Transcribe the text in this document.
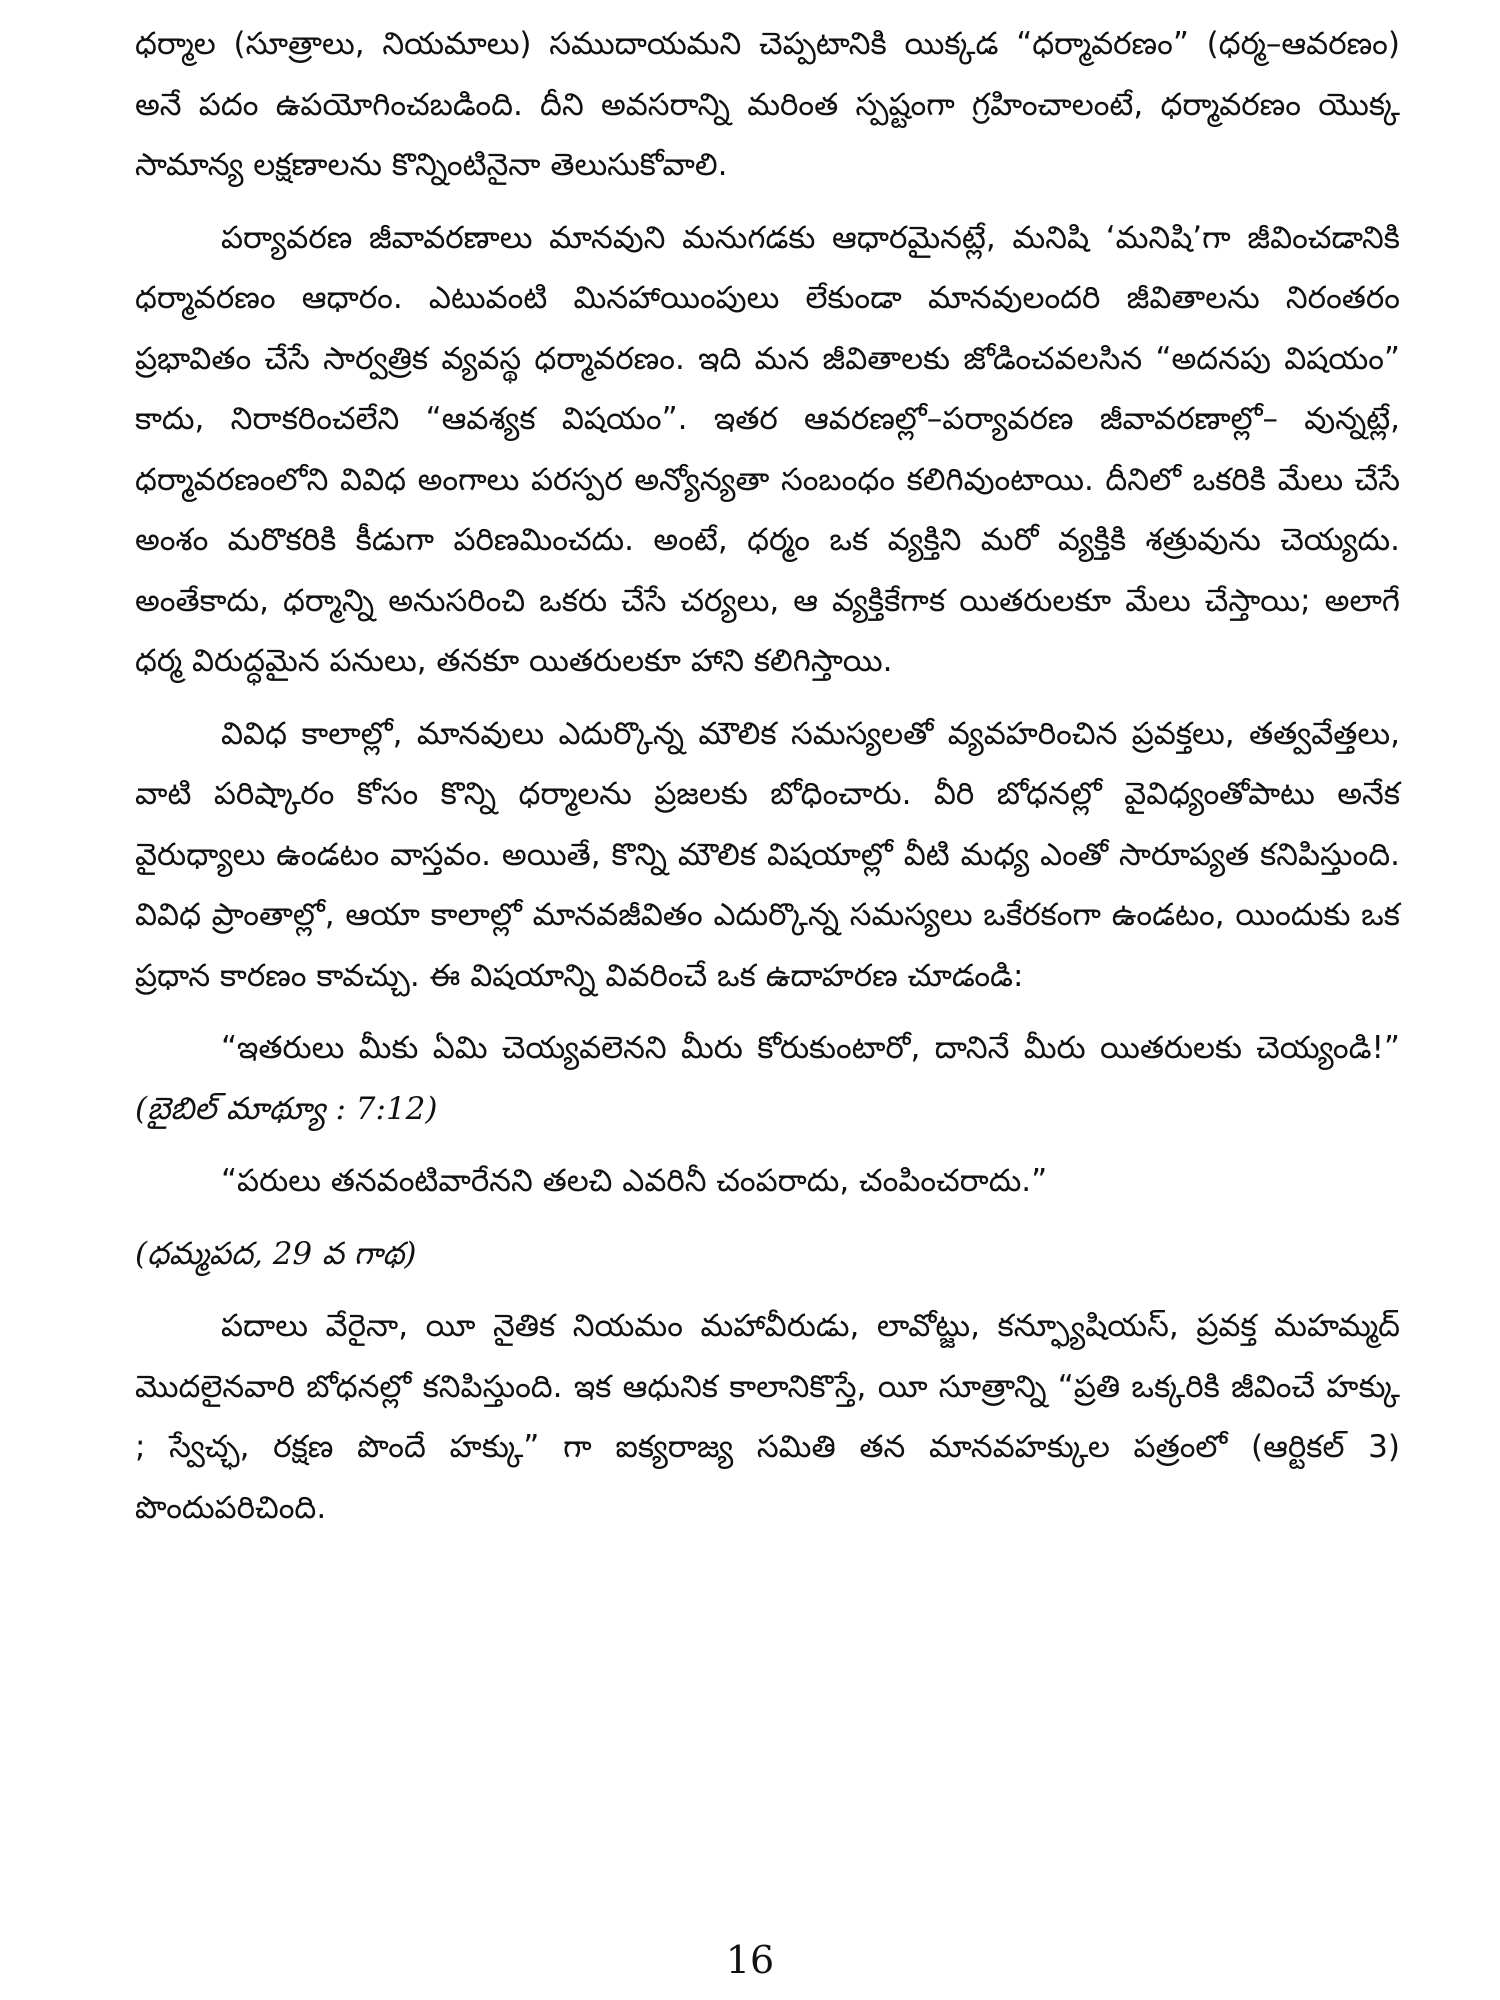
ధర్మాల (సూత్రాలు, నియమాలు) సముదాయమని చెప్పటానికి యిక్కడ “ధర్మావరణం” (ధర్మ–ఆవరణం) అనే పదం ఉపయోగించబడింది. దీని అవసరాన్ని మరింత స్పష్టంగా గ్రహించాలంటే, ధర్మావరణం యొక్క సామాన్య లక్షణాలను కొన్నింటినైనా తెలుసుకోవాలి.

పర్యావరణ జీవావరణాలు మానవుని మనుగడకు ఆధారమైనట్లే, మనిషి ‘మనిషి’గా జీవించడానికి ధర్మావరణం ఆధారం. ఎటువంటి మినహాయింపులు లేకుండా మానవులందరి జీవితాలను నిరంతరం ప్రభావితం చేసే సార్వత్రిక వ్యవస్థ ధర్మావరణం. ఇది మన జీవితాలకు జోడించవలసిన “అదనపు విషయం” కాదు, నిరాకరించలేని “ఆవశ్యక విషయం”. ఇతర ఆవరణల్లో–పర్యావరణ జీవావరణాల్లో– వున్నట్లే, ధర్మావరణంలోని వివిధ అంగాలు పరస్పర అన్యోన్యతా సంబంధం కలిగివుంటాయి. దీనిలో ఒకరికి మేలు చేసే అంశం మరొకరికి కీడుగా పరిణమించదు. అంటే, ధర్మం ఒక వ్యక్తిని మరో వ్యక్తికి శత్రువును చెయ్యదు. అంతేకాదు, ధర్మాన్ని అనుసరించి ఒకరు చేసే చర్యలు, ఆ వ్యక్తికేగాక యితరులకూ మేలు చేస్తాయి; అలాగే ధర్మ విరుద్ధమైన పనులు, తనకూ యితరులకూ హాని కలిగిస్తాయి.

వివిధ కాలాల్లో, మానవులు ఎదుర్కొన్న మౌలిక సమస్యలతో వ్యవహరించిన ప్రవక్తలు, తత్వవేత్తలు, వాటి పరిష్కారం కోసం కొన్ని ధర్మాలను ప్రజలకు బోధించారు. వీరి బోధనల్లో వైవిధ్యంతోపాటు అనేక వైరుధ్యాలు ఉండటం వాస్తవం. అయితే, కొన్ని మౌలిక విషయాల్లో వీటి మధ్య ఎంతో సారూప్యత కనిపిస్తుంది. వివిధ ప్రాంతాల్లో, ఆయా కాలాల్లో మానవజీవితం ఎదుర్కొన్న సమస్యలు ఒకేరకంగా ఉండటం, యిందుకు ఒక ప్రధాన కారణం కావచ్చు. ఈ విషయాన్ని వివరించే ఒక ఉదాహరణ చూడండి:

“ఇతరులు మీకు ఏమి చెయ్యవలెనని మీరు కోరుకుంటారో, దానినే మీరు యితరులకు చెయ్యండి!” (బైబిల్ మాథ్యూ : 7:12)

“పరులు తనవంటివారేనని తలచి ఎవరినీ చంపరాదు, చంపించరాదు.”

(ధమ్మపద, 29 వ గాథ)

పదాలు వేరైనా, యీ నైతిక నియమం మహావీరుడు, లావోట్జు, కన్ఫ్యూషియస్, ప్రవక్త మహమ్మద్ మొదలైనవారి బోధనల్లో కనిపిస్తుంది. ఇక ఆధునిక కాలానికొస్తే, యీ సూత్రాన్ని “ప్రతి ఒక్కరికి జీవించే హక్కు ; స్వేచ్ఛ, రక్షణ పొందే హక్కు” గా ఐక్యరాజ్య సమితి తన మానవహక్కుల పత్రంలో (ఆర్టికల్ 3) పొందుపరిచింది.

16
